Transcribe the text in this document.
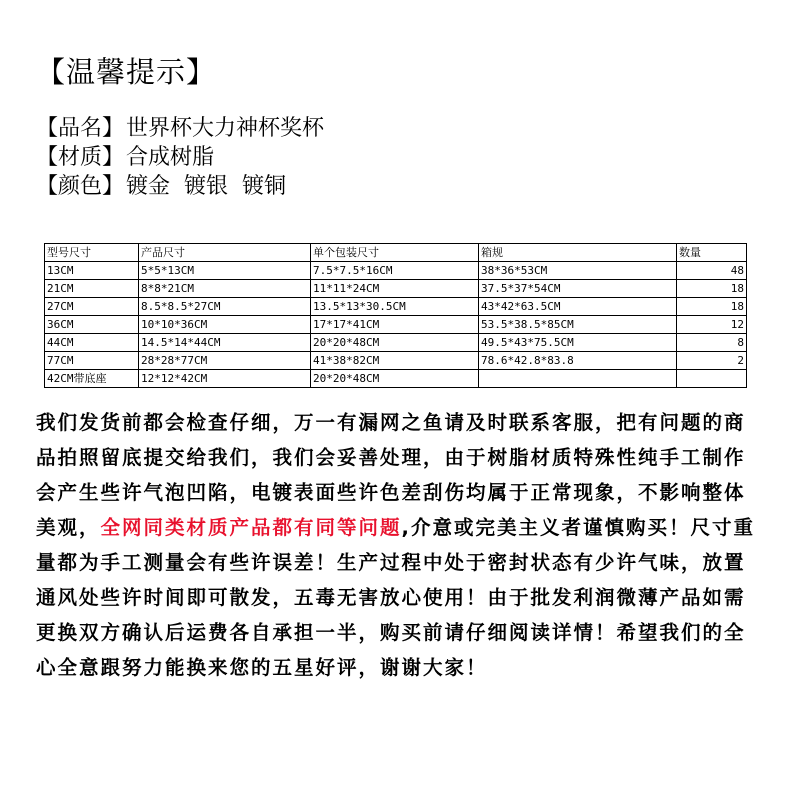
【温馨提示】
【品名】世界杯大力神杯奖杯
【材质】合成树脂
【颜色】镀金  镀银  镀铜
型号尺寸	产品尺寸	单个包装尺寸	箱规	数量
13CM	5*5*13CM	7.5*7.5*16CM	38*36*53CM	48
21CM	8*8*21CM	11*11*24CM	37.5*37*54CM	18
27CM	8.5*8.5*27CM	13.5*13*30.5CM	43*42*63.5CM	18
36CM	10*10*36CM	17*17*41CM	53.5*38.5*85CM	12
44CM	14.5*14*44CM	20*20*48CM	49.5*43*75.5CM	8
77CM	28*28*77CM	41*38*82CM	78.6*42.8*83.8	2
42CM带底座	12*12*42CM	20*20*48CM		
我们发货前都会检查仔细，万一有漏网之鱼请及时联系客服，把有问题的商品拍照留底提交给我们，我们会妥善处理，由于树脂材质特殊性纯手工制作会产生些许气泡凹陷，电镀表面些许色差刮伤均属于正常现象，不影响整体美观，全网同类材质产品都有同等问题,介意或完美主义者谨慎购买！尺寸重量都为手工测量会有些许误差！生产过程中处于密封状态有少许气味，放置通风处些许时间即可散发，五毒无害放心使用！由于批发利润微薄产品如需更换双方确认后运费各自承担一半，购买前请仔细阅读详情！希望我们的全心全意跟努力能换来您的五星好评，谢谢大家！
